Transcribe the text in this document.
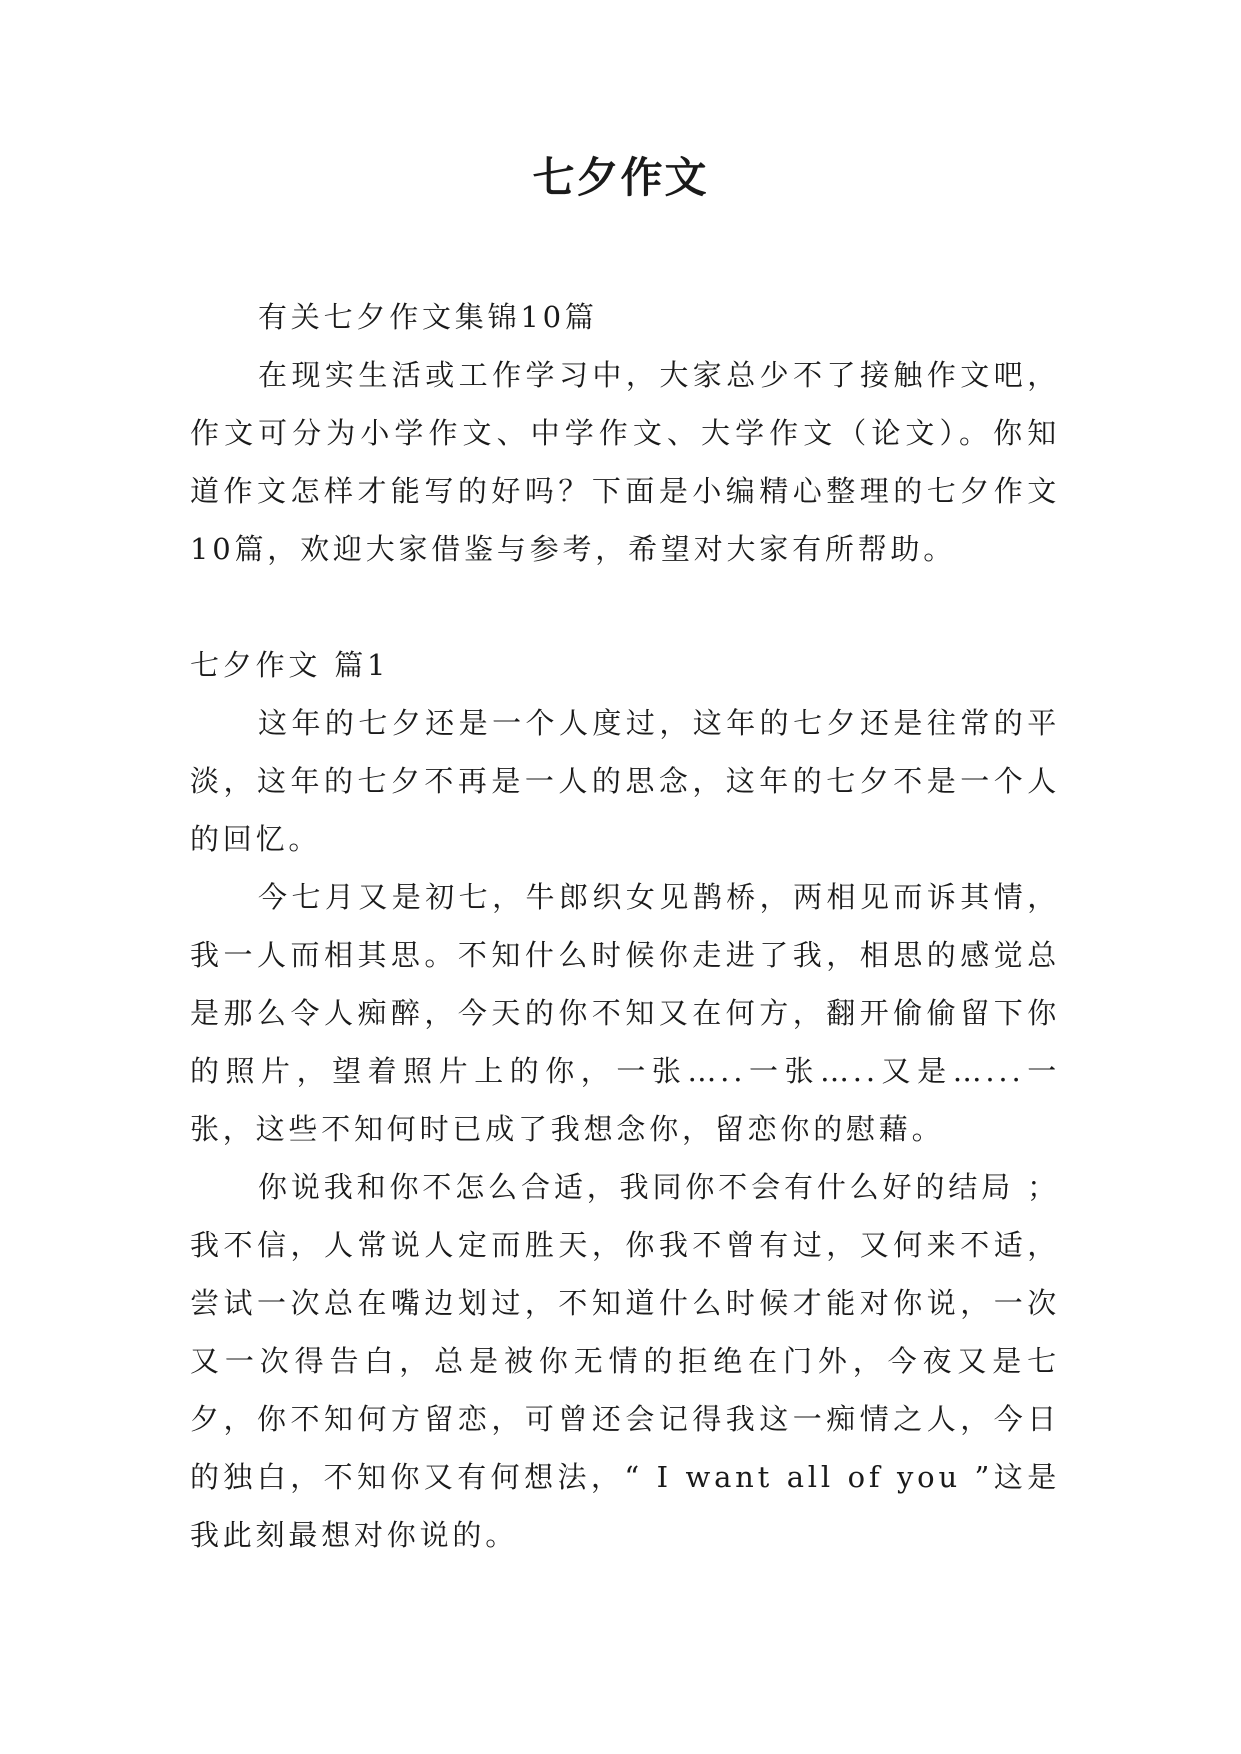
七夕作文

有关七夕作文集锦10篇

在现实生活或工作学习中，大家总少不了接触作文吧，作文可分为小学作文、中学作文、大学作文（论文）。你知道作文怎样才能写的好吗？下面是小编精心整理的七夕作文10篇，欢迎大家借鉴与参考，希望对大家有所帮助。

七夕作文 篇1

这年的七夕还是一个人度过，这年的七夕还是往常的平淡，这年的七夕不再是一人的思念，这年的七夕不是一个人的回忆。

今七月又是初七，牛郎织女见鹊桥，两相见而诉其情，我一人而相其思。不知什么时候你走进了我，相思的感觉总是那么令人痴醉，今天的你不知又在何方，翻开偷偷留下你的照片，望着照片上的你，一张…..一张…..又是…...一张，这些不知何时已成了我想念你，留恋你的慰藉。

你说我和你不怎么合适，我同你不会有什么好的结局 ；我不信，人常说人定而胜天，你我不曾有过，又何来不适，尝试一次总在嘴边划过，不知道什么时候才能对你说，一次又一次得告白，总是被你无情的拒绝在门外，今夜又是七夕，你不知何方留恋，可曾还会记得我这一痴情之人，今日的独白，不知你又有何想法，“ I want all of you ”这是我此刻最想对你说的。
